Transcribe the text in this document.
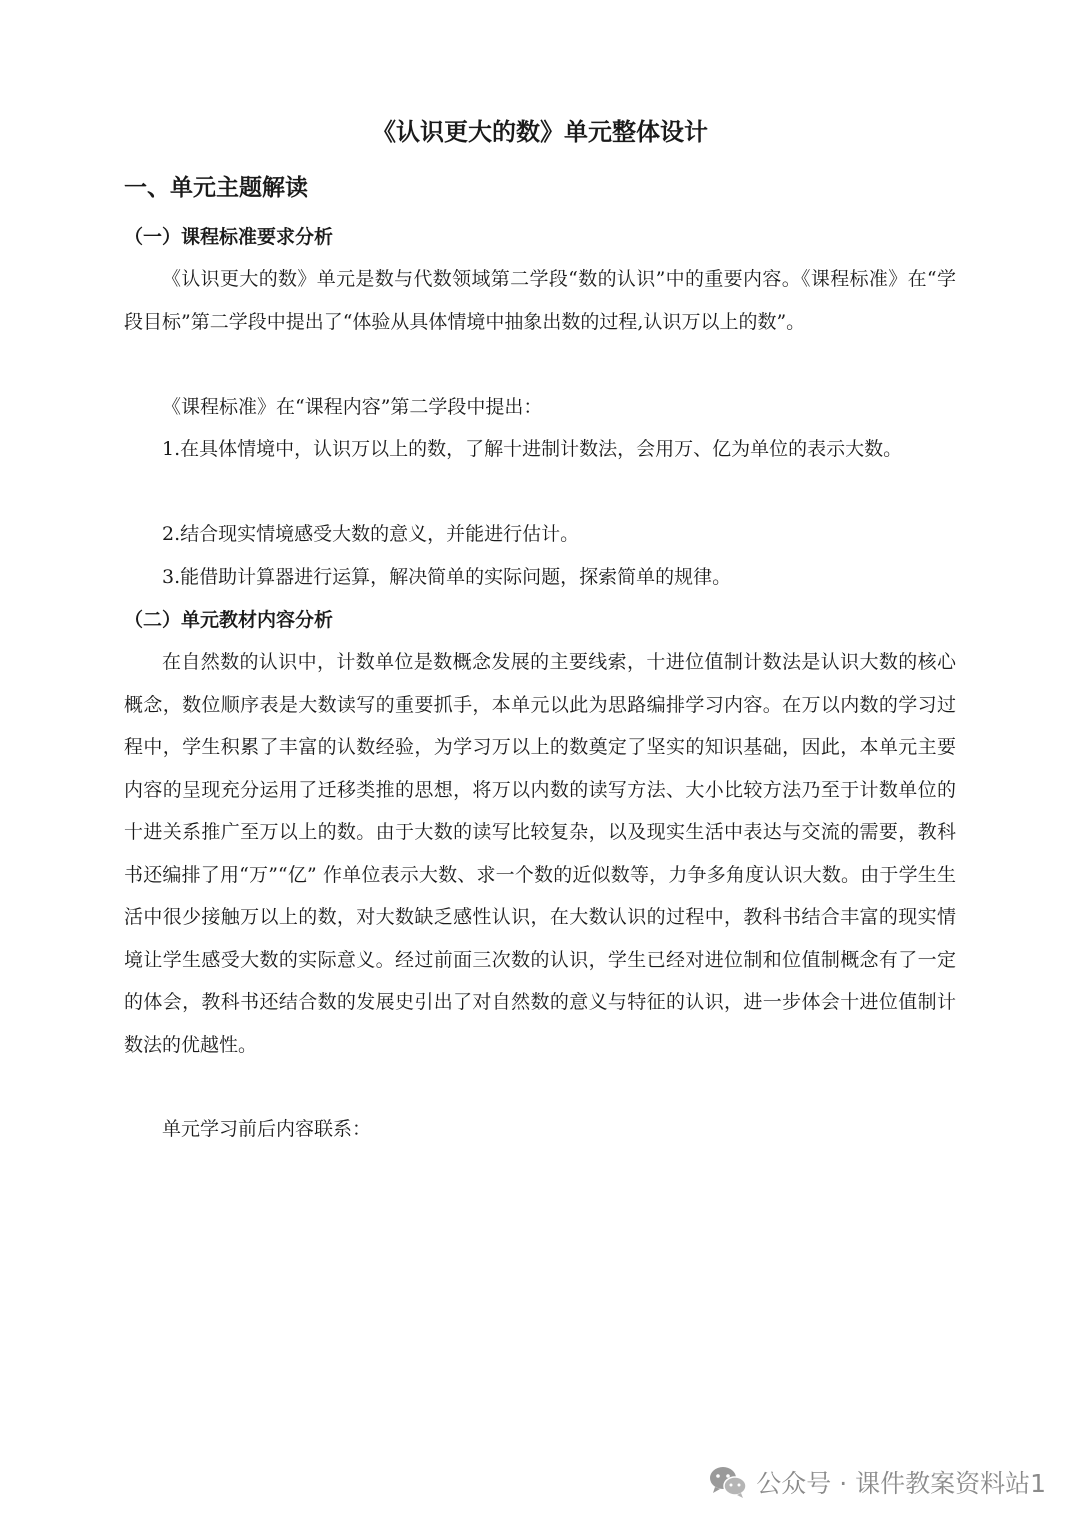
《认识更大的数》单元整体设计
一、单元主题解读
（一）课程标准要求分析

《认识更大的数》单元是数与代数领域第二学段“数的认识”中的重要内容。《课程标准》在“学段目标”第二学段中提出了“体验从具体情境中抽象出数的过程,认识万以上的数”。

《课程标准》在“课程内容”第二学段中提出：

1.在具体情境中，认识万以上的数，了解十进制计数法，会用万、亿为单位的表示大数。

2.结合现实情境感受大数的意义，并能进行估计。

3.能借助计算器进行运算，解决简单的实际问题，探索简单的规律。

（二）单元教材内容分析

在自然数的认识中，计数单位是数概念发展的主要线索，十进位值制计数法是认识大数的核心概念，数位顺序表是大数读写的重要抓手，本单元以此为思路编排学习内容。在万以内数的学习过程中，学生积累了丰富的认数经验，为学习万以上的数奠定了坚实的知识基础，因此，本单元主要内容的呈现充分运用了迁移类推的思想，将万以内数的读写方法、大小比较方法乃至于计数单位的十进关系推广至万以上的数。由于大数的读写比较复杂，以及现实生活中表达与交流的需要，教科书还编排了用“万”“亿” 作单位表示大数、求一个数的近似数等，力争多角度认识大数。由于学生生活中很少接触万以上的数，对大数缺乏感性认识，在大数认识的过程中，教科书结合丰富的现实情境让学生感受大数的实际意义。经过前面三次数的认识，学生已经对进位制和位值制概念有了一定的体会，教科书还结合数的发展史引出了对自然数的意义与特征的认识，进一步体会十进位值制计数法的优越性。

单元学习前后内容联系：

公众号 · 课件教案资料站1
